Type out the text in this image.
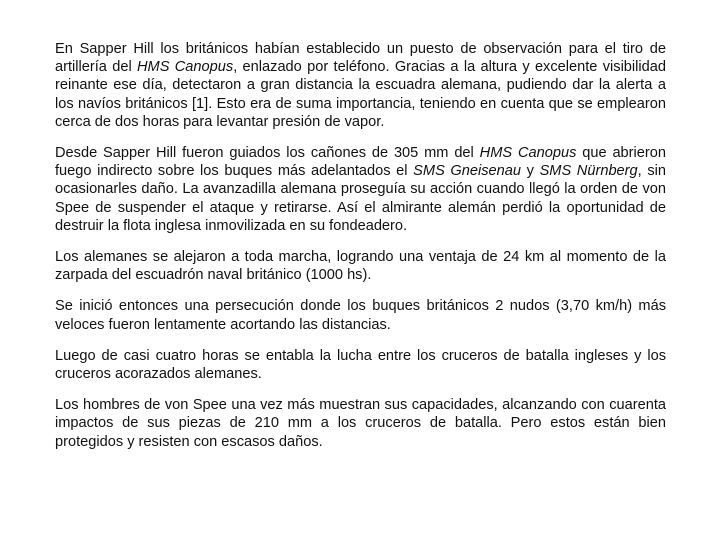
En Sapper Hill los británicos habían establecido un puesto de observación para el tiro de artillería del HMS Canopus, enlazado por teléfono. Gracias a la altura y excelente visibilidad reinante ese día, detectaron a gran distancia la escuadra alemana, pudiendo dar la alerta a los navíos británicos [1]. Esto era de suma importancia, teniendo en cuenta que se emplearon cerca de dos horas para levantar presión de vapor.

Desde Sapper Hill fueron guiados los cañones de 305 mm del HMS Canopus que abrieron fuego indirecto sobre los buques más adelantados el SMS Gneisenau y SMS Nürnberg, sin ocasionarles daño. La avanzadilla alemana proseguía su acción cuando llegó la orden de von Spee de suspender el ataque y retirarse. Así el almirante alemán perdió la oportunidad de destruir la flota inglesa inmovilizada en su fondeadero.

Los alemanes se alejaron a toda marcha, logrando una ventaja de 24 km al momento de la zarpada del escuadrón naval británico (1000 hs).

Se inició entonces una persecución donde los buques británicos 2 nudos (3,70 km/h) más veloces fueron lentamente acortando las distancias.

Luego de casi cuatro horas se entabla la lucha entre los cruceros de batalla ingleses y los cruceros acorazados alemanes.

Los hombres de von Spee una vez más muestran sus capacidades, alcanzando con cuarenta impactos de sus piezas de 210 mm a los cruceros de batalla. Pero estos están bien protegidos y resisten con escasos daños.
